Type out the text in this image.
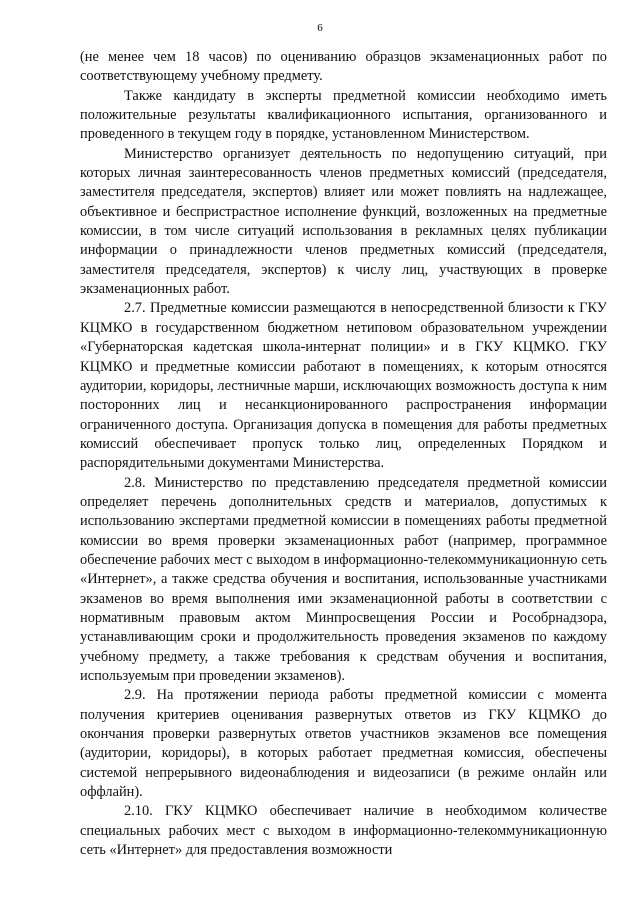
6

(не менее чем 18 часов) по оцениванию образцов экзаменационных работ по соответствующему учебному предмету.

Также кандидату в эксперты предметной комиссии необходимо иметь положительные результаты квалификационного испытания, организованного и проведенного в текущем году в порядке, установленном Министерством.

Министерство организует деятельность по недопущению ситуаций, при которых личная заинтересованность членов предметных комиссий (председателя, заместителя председателя, экспертов) влияет или может повлиять на надлежащее, объективное и беспристрастное исполнение функций, возложенных на предметные комиссии, в том числе ситуаций использования в рекламных целях публикации информации о принадлежности членов предметных комиссий (председателя, заместителя председателя, экспертов) к числу лиц, участвующих в проверке экзаменационных работ.

2.7. Предметные комиссии размещаются в непосредственной близости к ГКУ КЦМКО в государственном бюджетном нетиповом образовательном учреждении «Губернаторская кадетская школа-интернат полиции» и в ГКУ КЦМКО. ГКУ КЦМКО и предметные комиссии работают в помещениях, к которым относятся аудитории, коридоры, лестничные марши, исключающих возможность доступа к ним посторонних лиц и несанкционированного распространения информации ограниченного доступа. Организация допуска в помещения для работы предметных комиссий обеспечивает пропуск только лиц, определенных Порядком и распорядительными документами Министерства.

2.8. Министерство по представлению председателя предметной комиссии определяет перечень дополнительных средств и материалов, допустимых к использованию экспертами предметной комиссии в помещениях работы предметной комиссии во время проверки экзаменационных работ (например, программное обеспечение рабочих мест с выходом в информационно-телекоммуникационную сеть «Интернет», а также средства обучения и воспитания, использованные участниками экзаменов во время выполнения ими экзаменационной работы в соответствии с нормативным правовым актом Минпросвещения России и Рособрнадзора, устанавливающим сроки и продолжительность проведения экзаменов по каждому учебному предмету, а также требования к средствам обучения и воспитания, используемым при проведении экзаменов).

2.9. На протяжении периода работы предметной комиссии с момента получения критериев оценивания развернутых ответов из ГКУ КЦМКО до окончания проверки развернутых ответов участников экзаменов все помещения (аудитории, коридоры), в которых работает предметная комиссия, обеспечены системой непрерывного видеонаблюдения и видеозаписи (в режиме онлайн или оффлайн).

2.10. ГКУ КЦМКО обеспечивает наличие в необходимом количестве специальных рабочих мест с выходом в информационно-телекоммуникационную сеть «Интернет» для предоставления возможности
